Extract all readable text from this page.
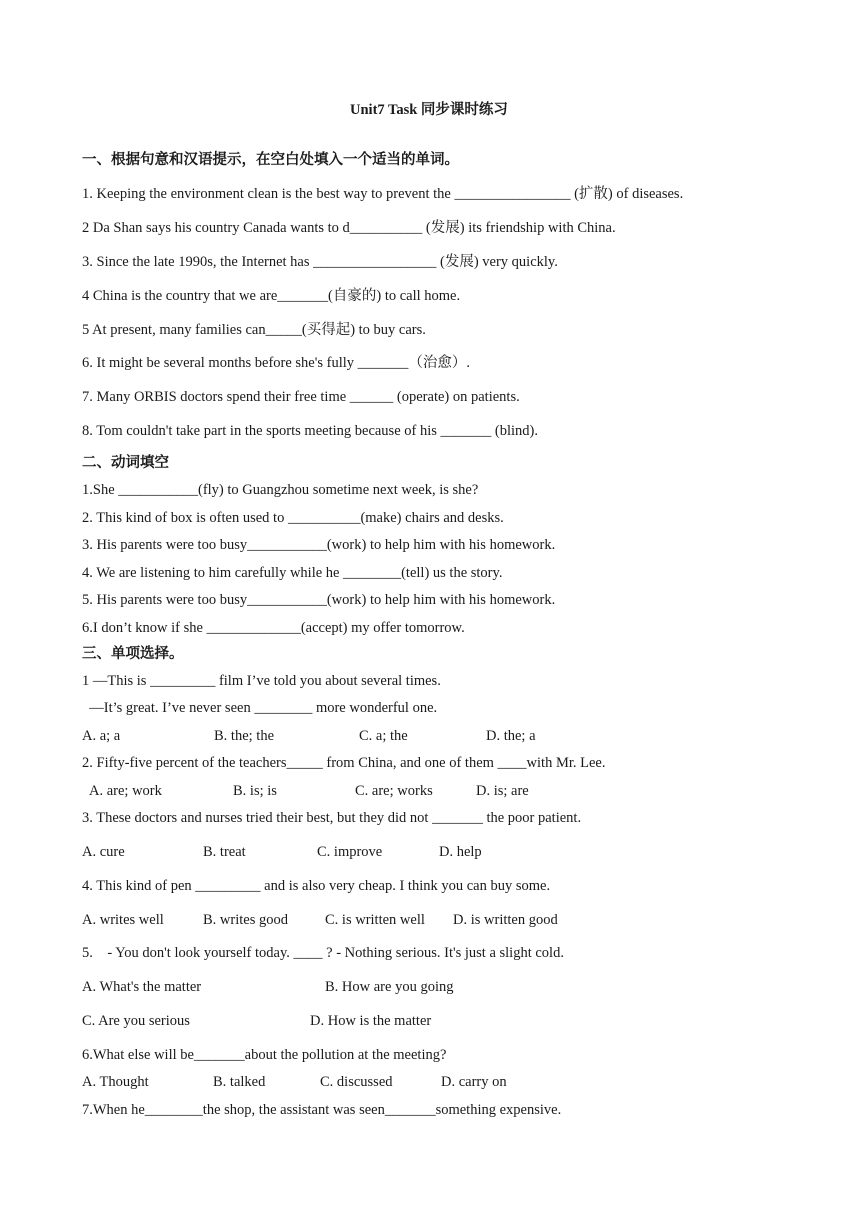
Unit7 Task 同步课时练习
一、根据句意和汉语提示，在空白处填入一个适当的单词。
1. Keeping the environment clean is the best way to prevent the ________________ (扩散) of diseases.
2 Da Shan says his country Canada wants to d__________ (发展) its friendship with China.
3. Since the late 1990s, the Internet has _________________ (发展) very quickly.
4 China is the country that we are_______(自豪的) to call home.
5 At present, many families can_____(买得起) to buy cars.
6. It might be several months before she's fully _______（治愈）.
7. Many ORBIS doctors spend their free time ______ (operate) on patients.
8. Tom couldn't take part in the sports meeting because of his _______ (blind).
二、动词填空
1.She ___________(fly) to Guangzhou sometime next week, is she?
2. This kind of box is often used to __________(make) chairs and desks.
3. His parents were too busy___________(work) to help him with his homework.
4. We are listening to him carefully while he ________(tell) us the story.
5. His parents were too busy___________(work) to help him with his homework.
6.I don’t know if she _____________(accept) my offer tomorrow.
三、单项选择。
1 —This is _________ film I’ve told you about several times.
—It’s great. I’ve never seen ________ more wonderful one.
A. a; a	B. the; the	C. a; the	D. the; a
2. Fifty-five percent of the teachers_____ from China, and one of them ____with Mr. Lee.
A. are; work	B. is; is	C. are; works	D. is; are
3. These doctors and nurses tried their best, but they did not _______ the poor patient.
A. cure	B. treat	C. improve	D. help
4. This kind of pen _________ and is also very cheap. I think you can buy some.
A. writes well	B. writes good	C. is written well D. is written good
5.    - You don't look yourself today. ____ ? - Nothing serious. It's just a slight cold.
A. What's the matter	B. How are you going
C. Are you serious	D. How is the matter
6.What else will be_______about the pollution at the meeting?
A. Thought	B. talked	C. discussed	D. carry on
7.When he________the shop, the assistant was seen_______something expensive.
